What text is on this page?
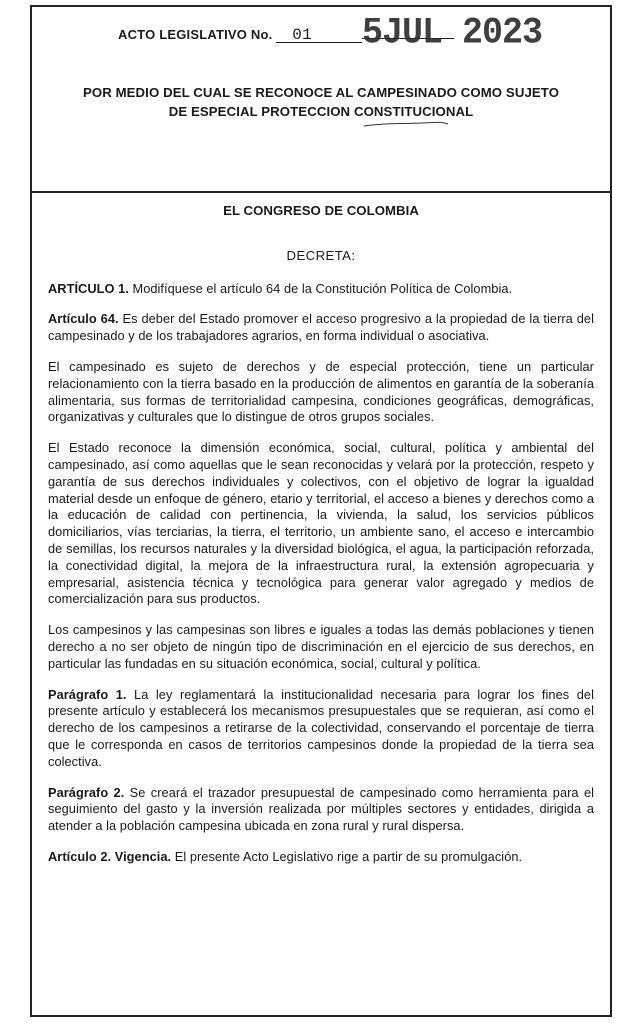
ACTO LEGISLATIVO No. 01	5JUL 2023
POR MEDIO DEL CUAL SE RECONOCE AL CAMPESINADO COMO SUJETO
DE ESPECIAL PROTECCION CONSTITUCIONAL
EL CONGRESO DE COLOMBIA
DECRETA:

ARTÍCULO 1. Modifíquese el artículo 64 de la Constitución Política de Colombia.

Artículo 64. Es deber del Estado promover el acceso progresivo a la propiedad de la tierra del campesinado y de los trabajadores agrarios, en forma individual o asociativa.

El campesinado es sujeto de derechos y de especial protección, tiene un particular relacionamiento con la tierra basado en la producción de alimentos en garantía de la soberanía alimentaria, sus formas de territorialidad campesina, condiciones geográficas, demográficas, organizativas y culturales que lo distingue de otros grupos sociales.

El Estado reconoce la dimensión económica, social, cultural, política y ambiental del campesinado, así como aquellas que le sean reconocidas y velará por la protección, respeto y garantía de sus derechos individuales y colectivos, con el objetivo de lograr la igualdad material desde un enfoque de género, etario y territorial, el acceso a bienes y derechos como a la educación de calidad con pertinencia, la vivienda, la salud, los servicios públicos domiciliarios, vías terciarias, la tierra, el territorio, un ambiente sano, el acceso e intercambio de semillas, los recursos naturales y la diversidad biológica, el agua, la participación reforzada, la conectividad digital, la mejora de la infraestructura rural, la extensión agropecuaria y empresarial, asistencia técnica y tecnológica para generar valor agregado y medios de comercialización para sus productos.

Los campesinos y las campesinas son libres e iguales a todas las demás poblaciones y tienen derecho a no ser objeto de ningún tipo de discriminación en el ejercicio de sus derechos, en particular las fundadas en su situación económica, social, cultural y política.

Parágrafo 1. La ley reglamentará la institucionalidad necesaria para lograr los fines del presente artículo y establecerá los mecanismos presupuestales que se requieran, así como el derecho de los campesinos a retirarse de la colectividad, conservando el porcentaje de tierra que le corresponda en casos de territorios campesinos donde la propiedad de la tierra sea colectiva.

Parágrafo 2. Se creará el trazador presupuestal de campesinado como herramienta para el seguimiento del gasto y la inversión realizada por múltiples sectores y entidades, dirigida a atender a la población campesina ubicada en zona rural y rural dispersa.

Artículo 2. Vigencia. El presente Acto Legislativo rige a partir de su promulgación.
